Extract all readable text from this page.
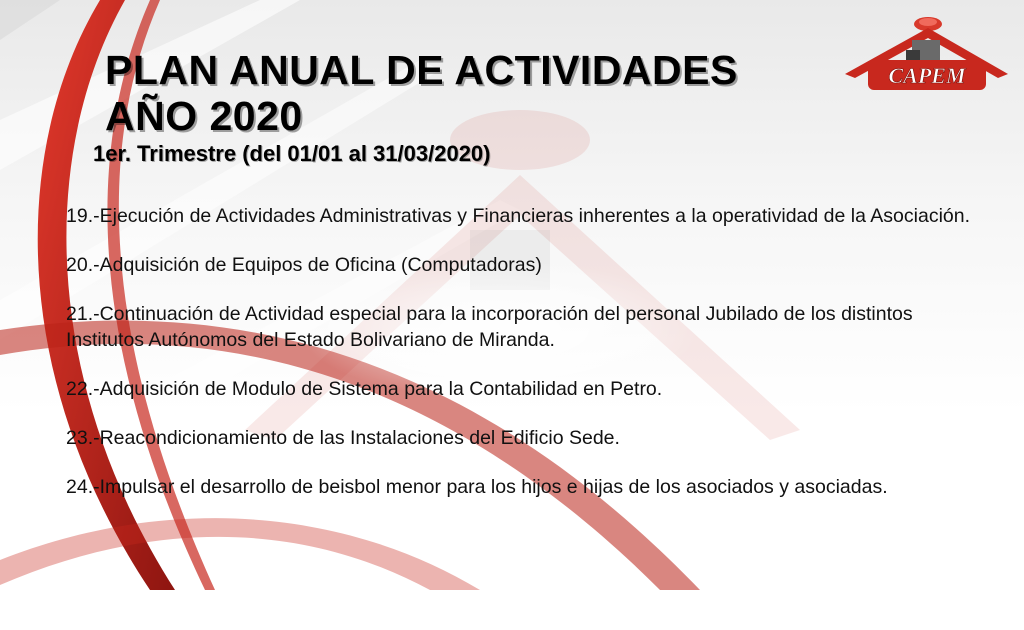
CAPEM
PLAN ANUAL DE ACTIVIDADES
AÑO 2020

1er. Trimestre (del 01/01 al 31/03/2020)

19.-Ejecución de Actividades Administrativas y Financieras inherentes a la operatividad de la Asociación.
20.-Adquisición de Equipos de Oficina (Computadoras)
21.-Continuación de Actividad especial para la incorporación del personal Jubilado de los distintos Institutos Autónomos del Estado Bolivariano de Miranda.
22.-Adquisición de Modulo de Sistema para la Contabilidad en Petro.
23.-Reacondicionamiento de las Instalaciones del Edificio Sede.
24.-Impulsar el desarrollo de beisbol menor para los hijos e hijas de los asociados y asociadas.
